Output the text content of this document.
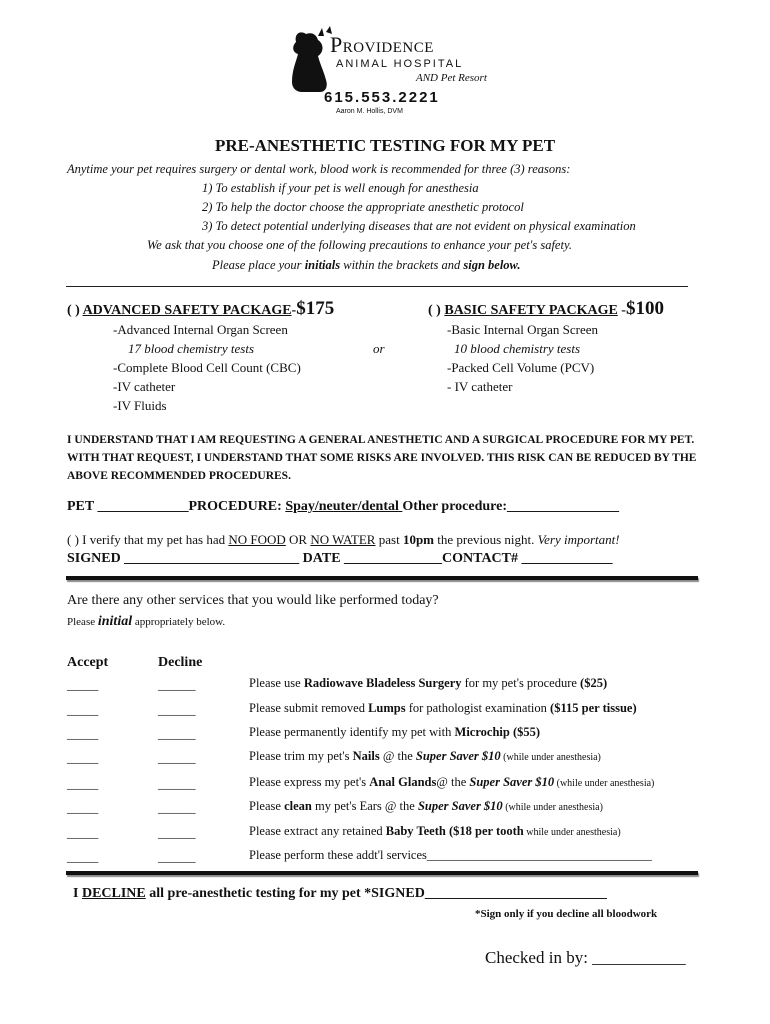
Providence
ANIMAL HOSPITAL
AND Pet Resort
615.553.2221
Aaron M. Hollis, DVM
PRE-ANESTHETIC TESTING FOR MY PET
Anytime your pet requires surgery or dental work, blood work is recommended for three (3) reasons:
1) To establish if your pet is well enough for anesthesia
2) To help the doctor choose the appropriate anesthetic protocol
3) To detect potential underlying diseases that are not evident on physical examination
We ask that you choose one of the following precautions to enhance your pet's safety.
Please place your initials within the brackets and sign below.
( ) ADVANCED SAFETY PACKAGE-$175
-Advanced Internal Organ Screen
17 blood chemistry tests
-Complete Blood Cell Count (CBC)
-IV catheter
-IV Fluids
or
( ) BASIC SAFETY PACKAGE -$100
-Basic Internal Organ Screen
10 blood chemistry tests
-Packed Cell Volume (PCV)
- IV catheter
I UNDERSTAND THAT I AM REQUESTING A GENERAL ANESTHETIC AND A SURGICAL PROCEDURE FOR MY PET. WITH THAT REQUEST, I UNDERSTAND THAT SOME RISKS ARE INVOLVED. THIS RISK CAN BE REDUCED BY THE ABOVE RECOMMENDED PROCEDURES.
PET _____________PROCEDURE: Spay/neuter/dental Other procedure:________________
( ) I verify that my pet has had NO FOOD OR NO WATER past 10pm the previous night. Very important!
SIGNED _________________________ DATE ______________CONTACT# _____________
Are there any other services that you would like performed today?
Please initial appropriately below.
Accept	Decline
_____	______	Please use Radiowave Bladeless Surgery for my pet's procedure ($25)
_____	______	Please submit removed Lumps for pathologist examination ($115 per tissue)
_____	______	Please permanently identify my pet with Microchip ($55)
_____	______	Please trim my pet's Nails @ the Super Saver $10 (while under anesthesia)
_____	______	Please express my pet's Anal Glands@ the Super Saver $10 (while under anesthesia)
_____	______	Please clean my pet's Ears @ the Super Saver $10 (while under anesthesia)
_____	______	Please extract any retained Baby Teeth ($18 per tooth while under anesthesia)
_____	______	Please perform these addt'l services____________________________________
I DECLINE all pre-anesthetic testing for my pet *SIGNED__________________________
*Sign only if you decline all bloodwork
Checked in by: ___________
